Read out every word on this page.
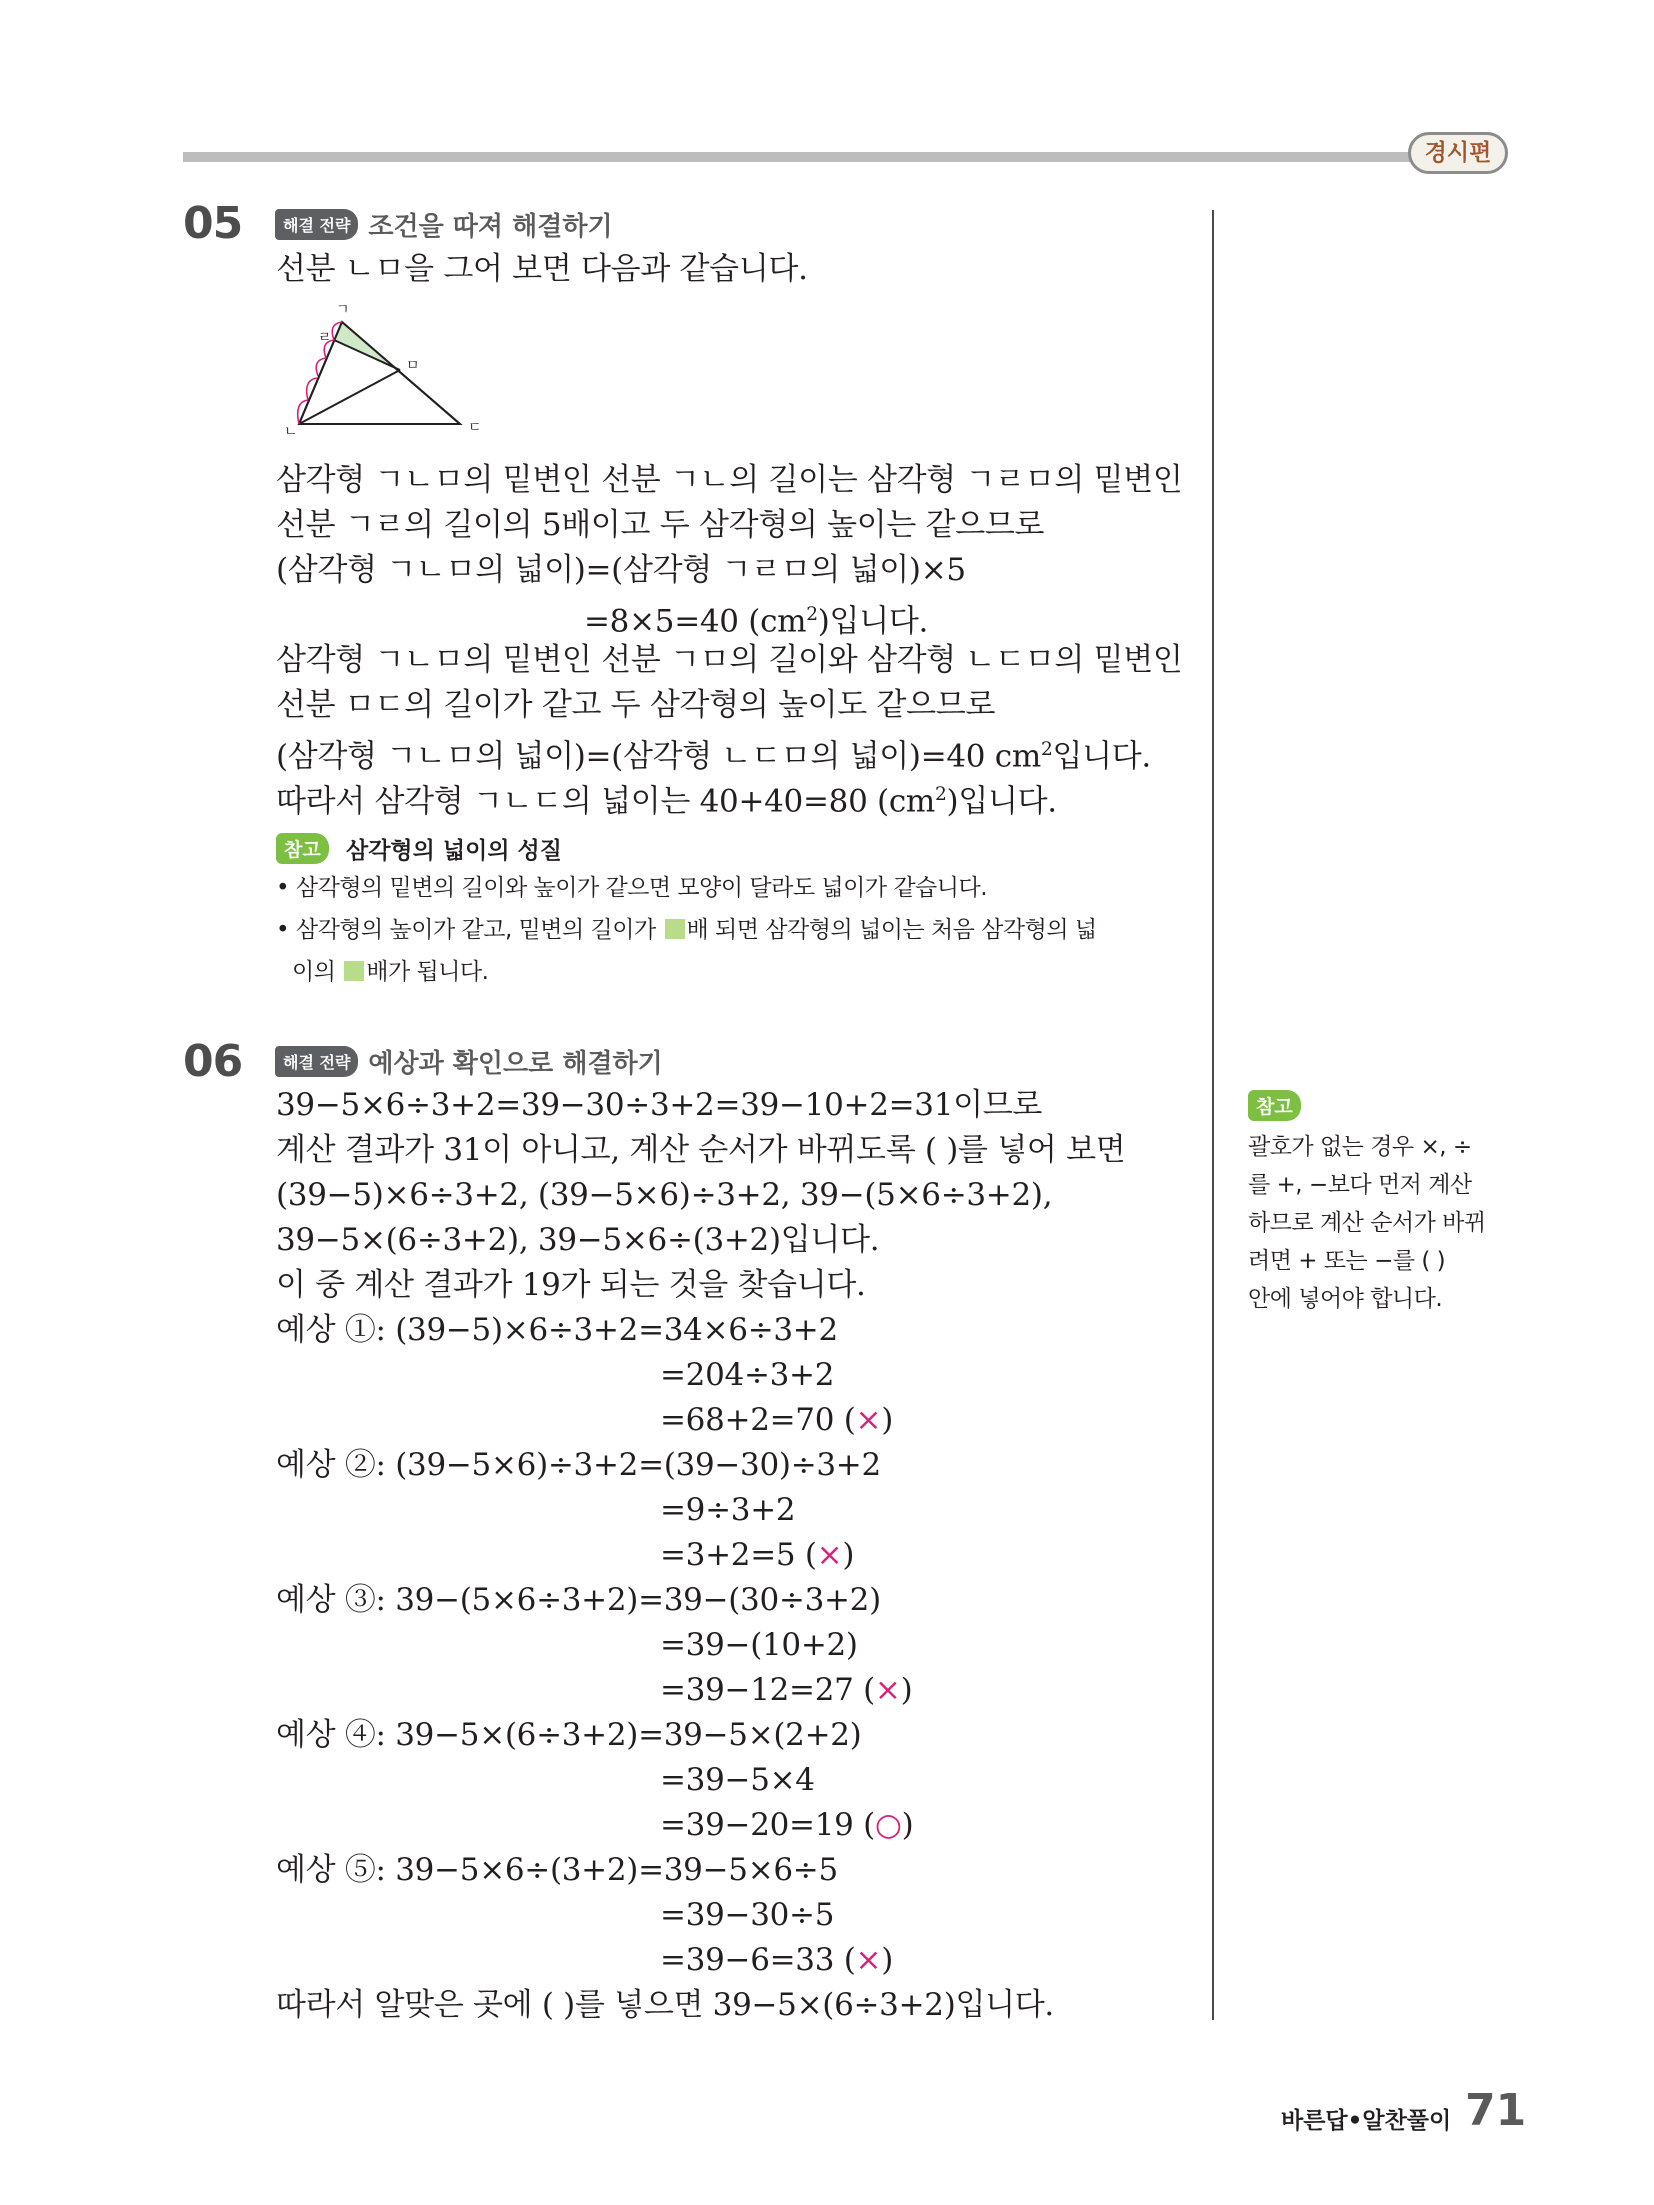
경시편
05	해결 전략 조건을 따져 해결하기
선분 ㄴㅁ을 그어 보면 다음과 같습니다.
ㄱ
ㄹ
ㅁ
ㄴ	ㄷ
삼각형 ㄱㄴㅁ의 밑변인 선분 ㄱㄴ의 길이는 삼각형 ㄱㄹㅁ의 밑변인
선분 ㄱㄹ의 길이의 5배이고 두 삼각형의 높이는 같으므로
(삼각형 ㄱㄴㅁ의 넓이)=(삼각형 ㄱㄹㅁ의 넓이)×5
=8×5=40 $(cm^2)$입니다.
삼각형 ㄱㄴㅁ의 밑변인 선분 ㄱㅁ의 길이와 삼각형 ㄴㄷㅁ의 밑변인
선분 ㅁㄷ의 길이가 같고 두 삼각형의 높이도 같으므로
(삼각형 ㄱㄴㅁ의 넓이)=(삼각형 ㄴㄷㅁ의 넓이)=40 $cm^2$입니다.
따라서 삼각형 ㄱㄴㄷ의 넓이는 40+40=80 $(cm^2)$입니다.
참고	삼각형의 넓이의 성질
• 삼각형의 밑변의 길이와 높이가 같으면 모양이 달라도 넓이가 같습니다.
• 삼각형의 높이가 같고, 밑변의 길이가 배 되면 삼각형의 넓이는 처음 삼각형의 넓
이의 배가 됩니다.
06	해결 전략 예상과 확인으로 해결하기
39−5×6÷3+2=39−30÷3+2=39−10+2=31이므로
계산 결과가 31이 아니고, 계산 순서가 바뀌도록 ( )를 넣어 보면
(39−5)×6÷3+2, (39−5×6)÷3+2, 39−(5×6÷3+2),
39−5×(6÷3+2), 39−5×6÷(3+2)입니다.
이 중 계산 결과가 19가 되는 것을 찾습니다.
예상 ①: (39−5)×6÷3+2=34×6÷3+2
=204÷3+2
=68+2=70 (×)
예상 ②: (39−5×6)÷3+2=(39−30)÷3+2
=9÷3+2
=3+2=5 (×)
예상 ③: 39−(5×6÷3+2)=39−(30÷3+2)
=39−(10+2)
=39−12=27 (×)
예상 ④: 39−5×(6÷3+2)=39−5×(2+2)
=39−5×4
=39−20=19 (○)
예상 ⑤: 39−5×6÷(3+2)=39−5×6÷5
=39−30÷5
=39−6=33 (×)
따라서 알맞은 곳에 ( )를 넣으면 39−5×(6÷3+2)입니다.
참고
괄호가 없는 경우 ×, ÷
를 +, −보다 먼저 계산
하므로 계산 순서가 바뀌
려면 + 또는 −를 ( )
안에 넣어야 합니다.
바른답•알찬풀이 71
